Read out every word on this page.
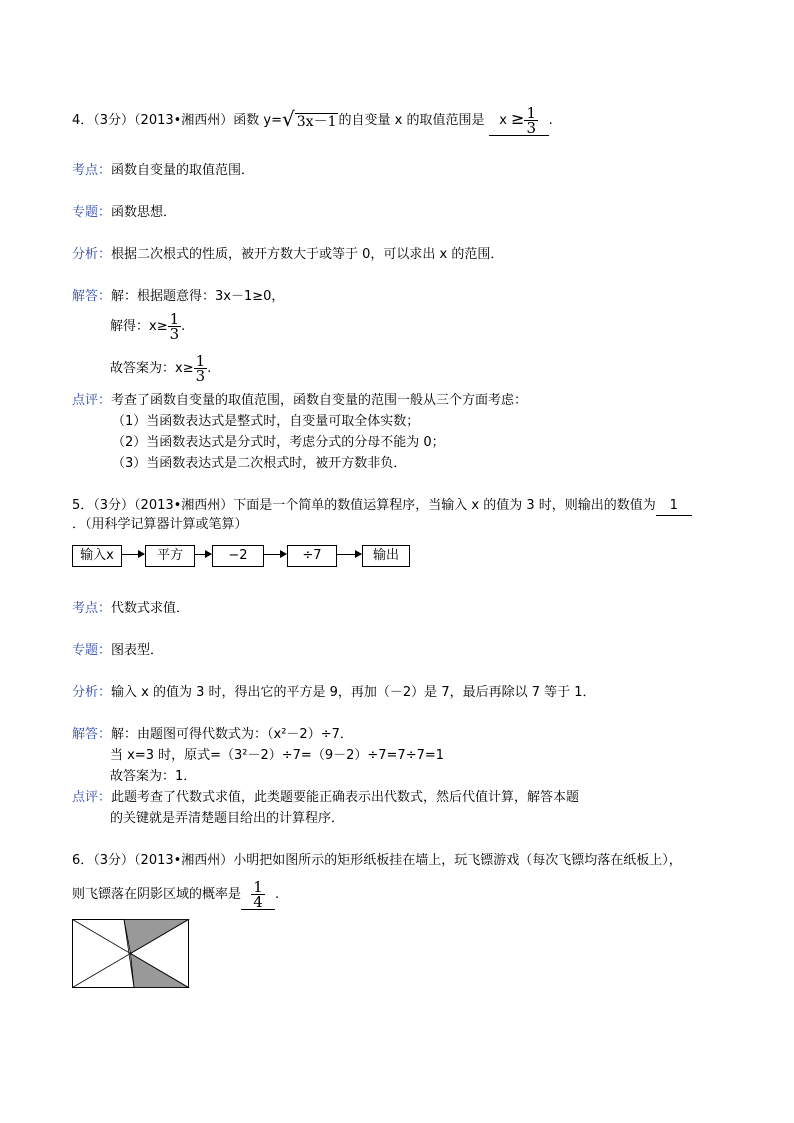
4．（3分）（2013•湘西州）函数 y=√ 3x－1 的自变量 x 的取值范围是 $x \ge \frac{1}{3}$ .
考点：函数自变量的取值范围．
专题：函数思想．
分析：根据二次根式的性质，被开方数大于或等于 0，可以求出 x 的范围．
解答：解：根据题意得：3x－1≥0，
解得：$x\ge \frac{1}{3}$ .
故答案为：$x\ge \frac{1}{3}$ .
点评：考查了函数自变量的取值范围，函数自变量的范围一般从三个方面考虑：
（1）当函数表达式是整式时，自变量可取全体实数；
（2）当函数表达式是分式时，考虑分式的分母不能为 0；
（3）当函数表达式是二次根式时，被开方数非负．
5．（3分）（2013•湘西州）下面是一个简单的数值运算程序，当输入 x 的值为 3 时，则输出的数值为 1
．（用科学记算器计算或笔算）
输入x	平方	−2	÷7	输出
考点：代数式求值．
专题：图表型．
分析：输入 x 的值为 3 时，得出它的平方是 9，再加（－2）是 7，最后再除以 7 等于 1．
解答：解：由题图可得代数式为：（x²－2）÷7．
当 x=3 时，原式=（3²－2）÷7=（9－2）÷7=7÷7=1
故答案为：1．
点评：此题考查了代数式求值，此类题要能正确表示出代数式，然后代值计算，解答本题
的关键就是弄清楚题目给出的计算程序．
6．（3分）（2013•湘西州）小明把如图所示的矩形纸板挂在墙上，玩飞镖游戏（每次飞镖均落在纸板上），
则飞镖落在阴影区域的概率是 $\frac{1}{4}$ .
